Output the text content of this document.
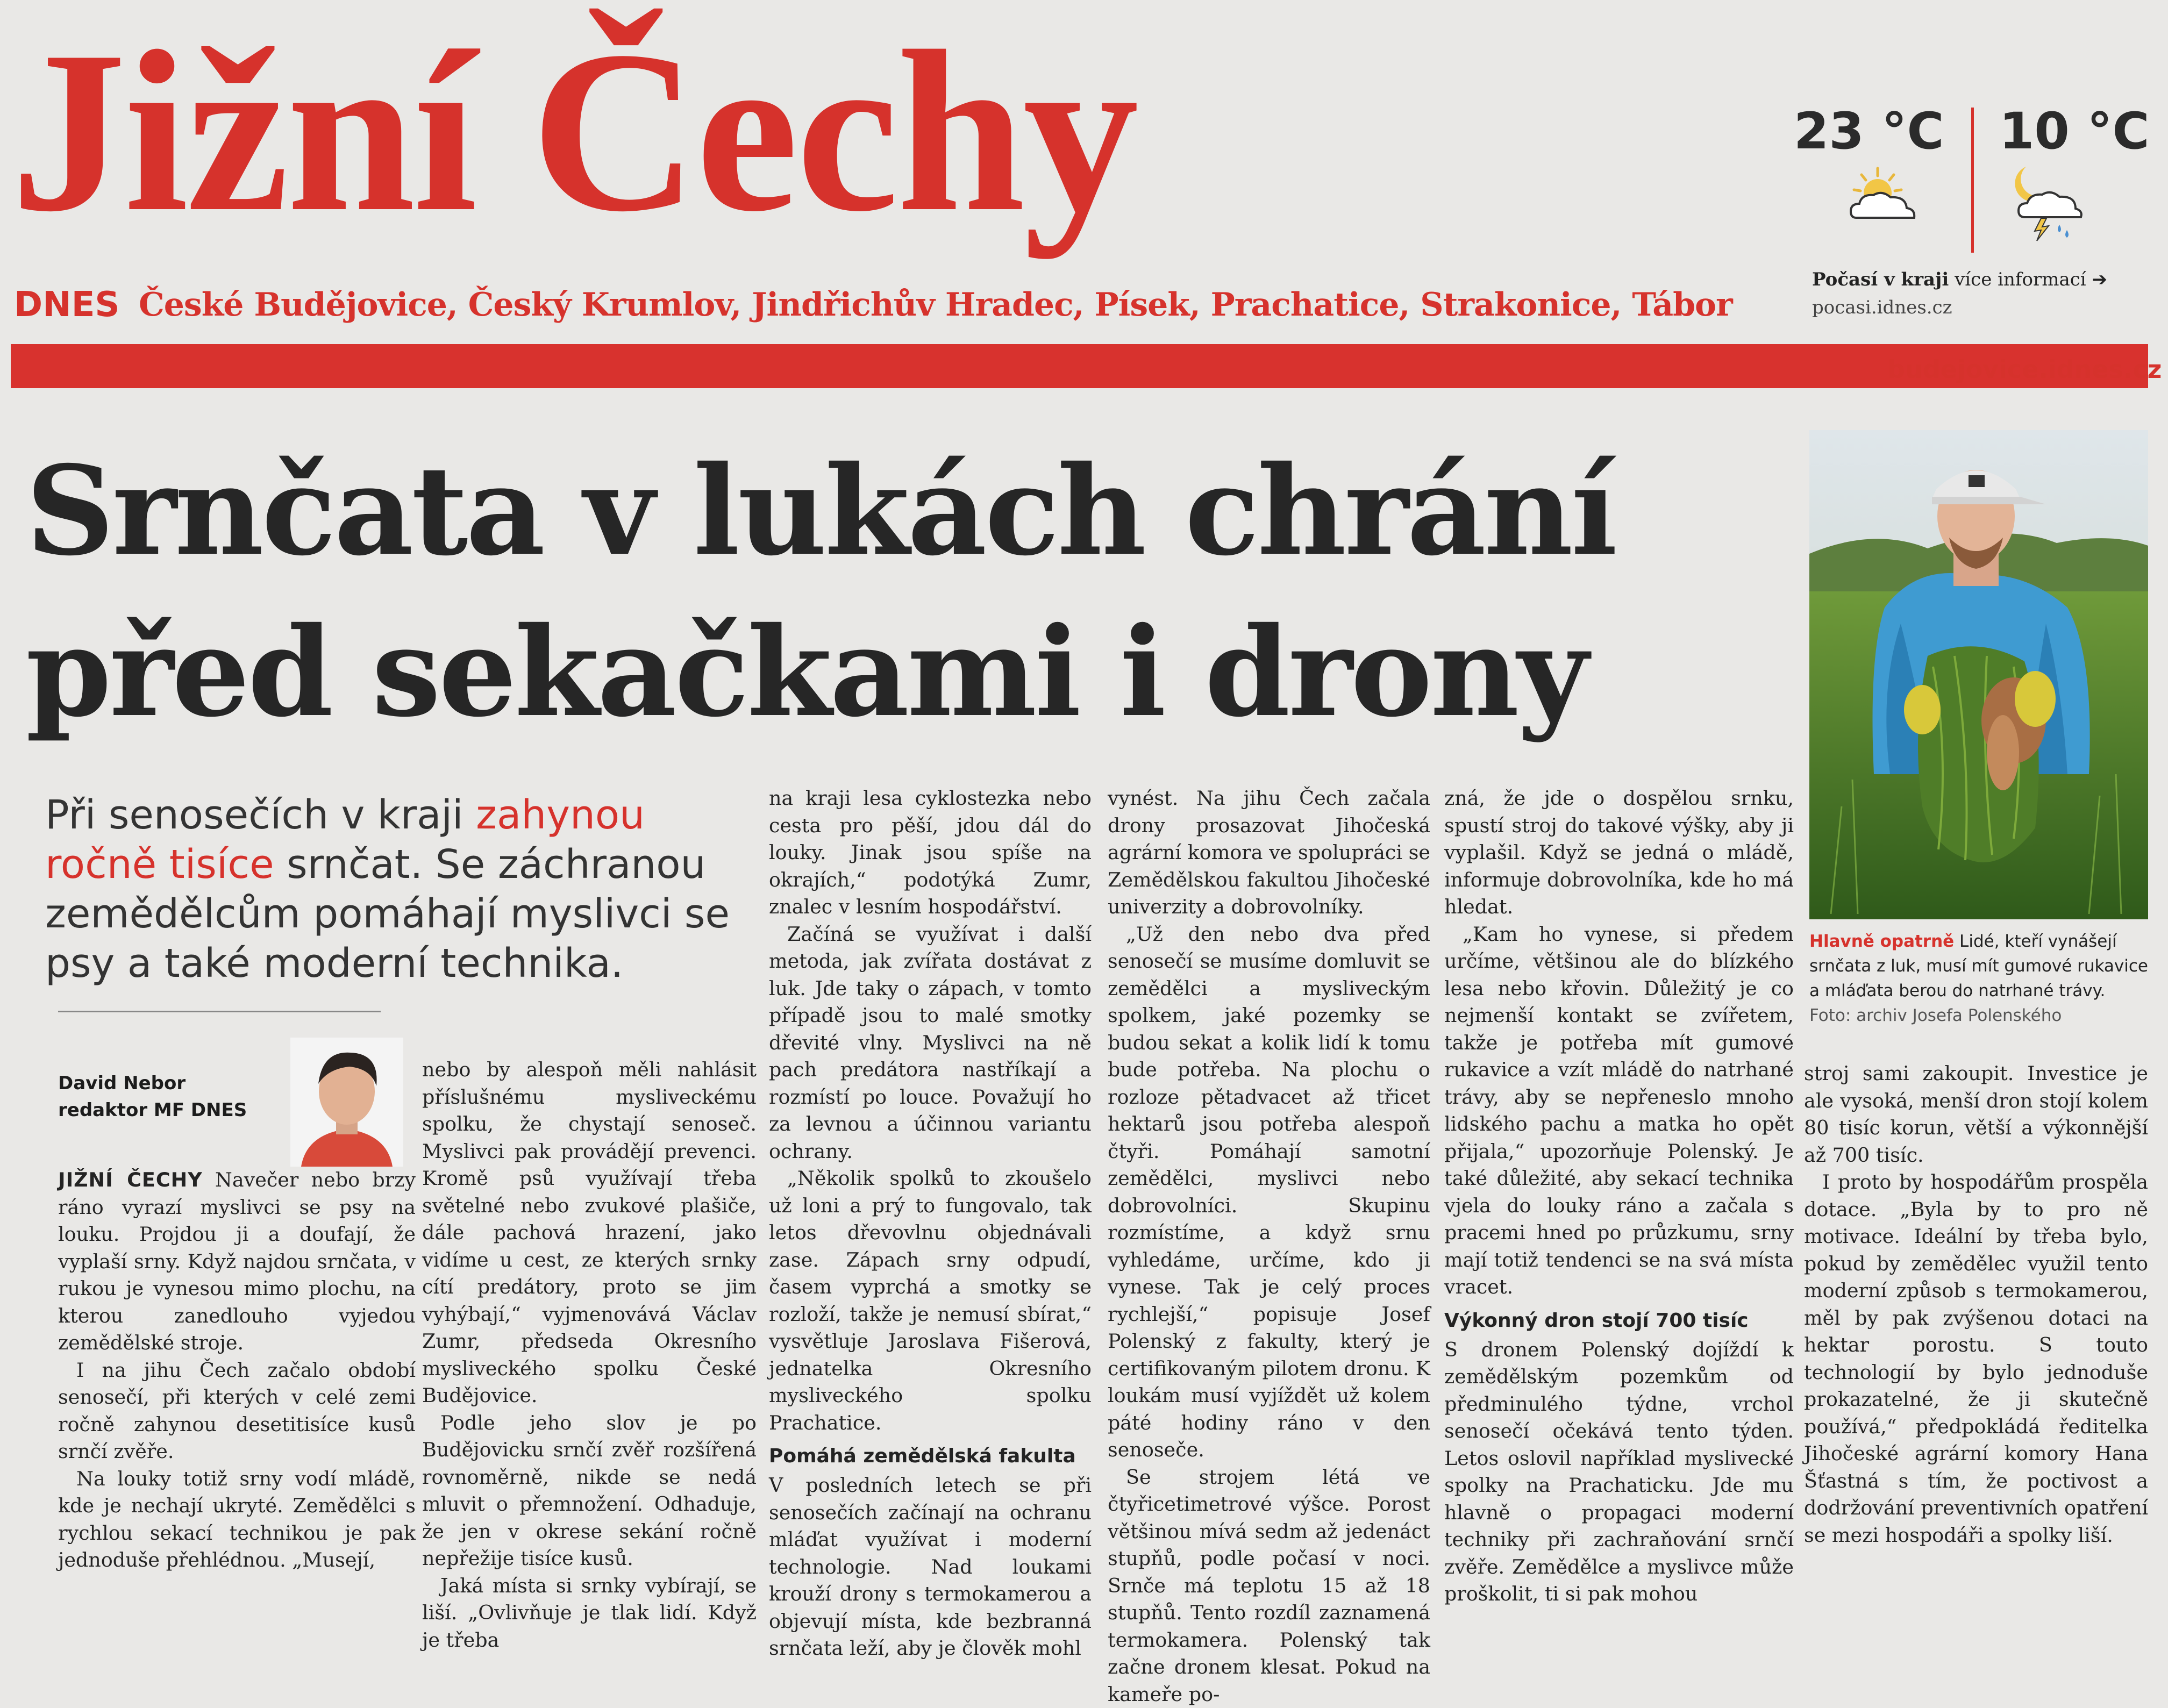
Jižní Čechy
DNES České Budějovice, Český Krumlov, Jindřichův Hradec, Písek, Prachatice, Strakonice, Tábor
budejovice.idnes.cz
23 °C 10 °C
Počasí v kraji více informací ➔
pocasi.idnes.cz
Srnčata v lukách chrání
před sekačkami i drony
Hlavně opatrně Lidé, kteří vynášejí srnčata z luk, musí mít gumové rukavice a mláďata berou do natrhané trávy. Foto: archiv Josefa Polenského
Při senosečích v kraji zahynou ročně tisíce srnčat. Se záchranou zemědělcům pomáhají myslivci se psy a také moderní technika.
David Nebor
redaktor MF DNES

JIŽNÍ ČECHY Navečer nebo brzy ráno vyrazí myslivci se psy na louku. Projdou ji a doufají, že vyplaší srny. Když najdou srnčata, v rukou je vynesou mimo plochu, na kterou zanedlouho vyjedou zemědělské stroje.

I na jihu Čech začalo období senosečí, při kterých v celé zemi ročně zahynou desetitisíce kusů srnčí zvěře.

Na louky totiž srny vodí mládě, kde je nechají ukryté. Zemědělci s rychlou sekací technikou je pak jednoduše přehlédnou. „Musejí,

nebo by alespoň měli nahlásit příslušnému mysliveckému spolku, že chystají senoseč. Myslivci pak provádějí prevenci. Kromě psů využívají třeba světelné nebo zvukové plašiče, dále pachová hrazení, jako vidíme u cest, ze kterých srnky cítí predátory, proto se jim vyhýbají,“ vyjmenovává Václav Zumr, předseda Okresního mysliveckého spolku České Budějovice.

Podle jeho slov je po Budějovicku srnčí zvěř rozšířená rovnoměrně, nikde se nedá mluvit o přemnožení. Odhaduje, že jen v okrese sekání ročně nepřežije tisíce kusů.

Jaká místa si srnky vybírají, se liší. „Ovlivňuje je tlak lidí. Když je třeba

na kraji lesa cyklostezka nebo cesta pro pěší, jdou dál do louky. Jinak jsou spíše na okrajích,“ podotýká Zumr, znalec v lesním hospodářství.

Začíná se využívat i další metoda, jak zvířata dostávat z luk. Jde taky o zápach, v tomto případě jsou to malé smotky dřevité vlny. Myslivci na ně pach predátora nastříkají a rozmístí po louce. Považují ho za levnou a účinnou variantu ochrany.

„Několik spolků to zkoušelo už loni a prý to fungovalo, tak letos dřevovlnu objednávali zase. Zápach srny odpudí, časem vyprchá a smotky se rozloží, takže je nemusí sbírat,“ vysvětluje Jaroslava Fišerová, jednatelka Okresního mysliveckého spolku Prachatice.

Pomáhá zemědělská fakulta

V posledních letech se při senosečích začínají na ochranu mláďat využívat i moderní technologie. Nad loukami krouží drony s termokamerou a objevují místa, kde bezbranná srnčata leží, aby je člověk mohl

vynést. Na jihu Čech začala drony prosazovat Jihočeská agrární komora ve spolupráci se Zemědělskou fakultou Jihočeské univerzity a dobrovolníky.

„Už den nebo dva před senosečí se musíme domluvit se zemědělci a mysliveckým spolkem, jaké pozemky se budou sekat a kolik lidí k tomu bude potřeba. Na plochu o rozloze pětadvacet až třicet hektarů jsou potřeba alespoň čtyři. Pomáhají samotní zemědělci, myslivci nebo dobrovolníci. Skupinu rozmístíme, a když srnu vyhledáme, určíme, kdo ji vynese. Tak je celý proces rychlejší,“ popisuje Josef Polenský z fakulty, který je certifikovaným pilotem dronu. K loukám musí vyjíždět už kolem páté hodiny ráno v den senoseče.

Se strojem létá ve čtyřicetimetrové výšce. Porost většinou mívá sedm až jedenáct stupňů, podle počasí v noci. Srnče má teplotu 15 až 18 stupňů. Tento rozdíl zaznamená termokamera. Polenský tak začne dronem klesat. Pokud na kameře po-

zná, že jde o dospělou srnku, spustí stroj do takové výšky, aby ji vyplašil. Když se jedná o mládě, informuje dobrovolníka, kde ho má hledat.

„Kam ho vynese, si předem určíme, většinou ale do blízkého lesa nebo křovin. Důležitý je co nejmenší kontakt se zvířetem, takže je potřeba mít gumové rukavice a vzít mládě do natrhané trávy, aby se nepřeneslo mnoho lidského pachu a matka ho opět přijala,“ upozorňuje Polenský. Je také důležité, aby sekací technika vjela do louky ráno a začala s pracemi hned po průzkumu, srny mají totiž tendenci se na svá místa vracet.

Výkonný dron stojí 700 tisíc

S dronem Polenský dojíždí k zemědělským pozemkům od předminulého týdne, vrchol senosečí očekává tento týden. Letos oslovil například myslivecké spolky na Prachaticku. Jde mu hlavně o propagaci moderní techniky při zachraňování srnčí zvěře. Zemědělce a myslivce může proškolit, ti si pak mohou

stroj sami zakoupit. Investice je ale vysoká, menší dron stojí kolem 80 tisíc korun, větší a výkonnější až 700 tisíc.

I proto by hospodářům prospěla dotace. „Byla by to pro ně motivace. Ideální by třeba bylo, pokud by zemědělec využil tento moderní způsob s termokamerou, měl by pak zvýšenou dotaci na hektar porostu. S touto technologií by bylo jednoduše prokazatelné, že ji skutečně používá,“ předpokládá ředitelka Jihočeské agrární komory Hana Šťastná s tím, že poctivost a dodržování preventivních opatření se mezi hospodáři a spolky liší.
